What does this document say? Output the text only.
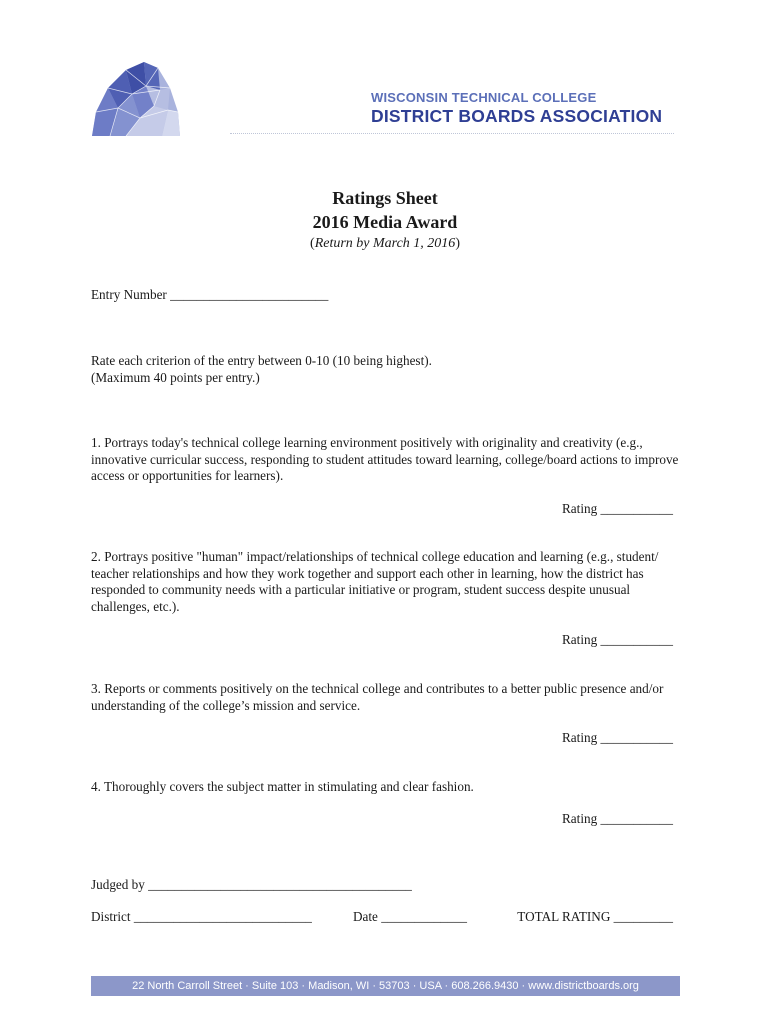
WISCONSIN TECHNICAL COLLEGE
DISTRICT BOARDS ASSOCIATION
Ratings Sheet
2016 Media Award
(Return by March 1, 2016)
Entry Number ________________________
Rate each criterion of the entry between 0-10 (10 being highest).
(Maximum 40 points per entry.)
1. Portrays today's technical college learning environment positively with originality and creativity (e.g., innovative curricular success, responding to student attitudes toward learning, college/board actions to improve access or opportunities for learners).
Rating ___________
2. Portrays positive "human" impact/relationships of technical college education and learning (e.g., student/ teacher relationships and how they work together and support each other in learning, how the district has responded to community needs with a particular initiative or program, student success despite unusual challenges, etc.).
Rating ___________
3. Reports or comments positively on the technical college and contributes to a better public presence and/or understanding of the college’s mission and service.
Rating ___________
4. Thoroughly covers the subject matter in stimulating and clear fashion.
Rating ___________
Judged by ________________________________________
District ___________________________	Date _____________	TOTAL RATING _________
22 North Carroll Street · Suite 103 · Madison, WI · 53703 · USA · 608.266.9430 · www.districtboards.org
